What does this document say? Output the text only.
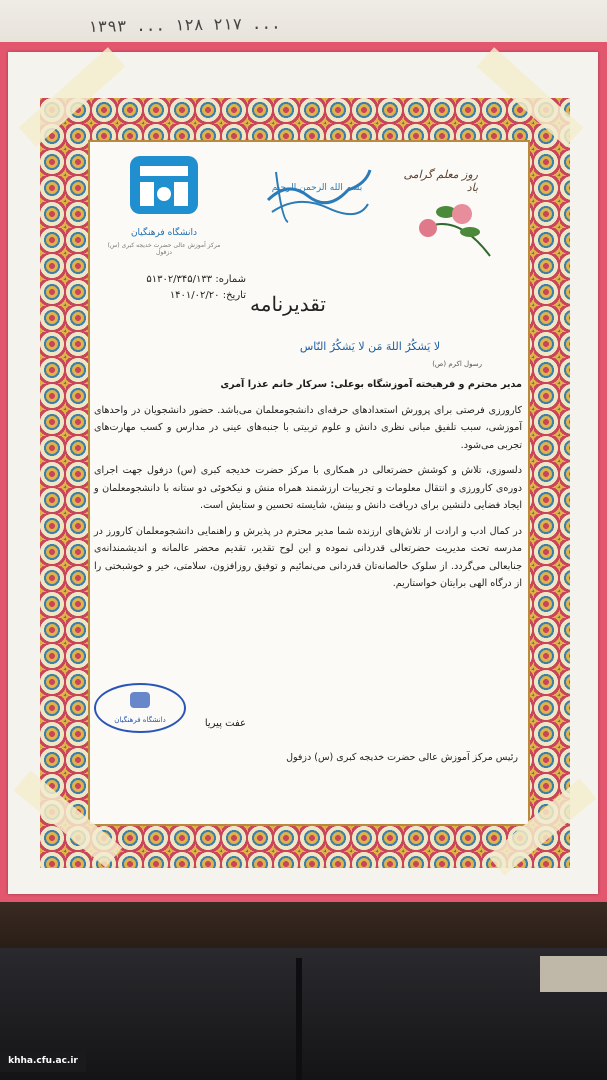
۱۳۹۳ ... ۱۲۸ ۲۱۷ ...
دانشگاه فرهنگیان
مرکز آموزش عالی حضرت خدیجه کبری (س) دزفول
بسم الله الرحمن الرحیم
روز معلم گرامی باد
شماره: ۵۱۳۰۲/۳۴۵/۱۳۳
تاریخ: ۱۴۰۱/۰۲/۲۰	تقدیرنامه
لا یَشکُرُ اللهَ مَن لا یَشکُرُ النّاس
رسول اکرم (ص)

مدیر محترم و فرهیخته آموزشگاه بوعلی: سرکار خانم عذرا آمری

کارورزی فرصتی برای پرورش استعدادهای حرفه‌ای دانشجومعلمان می‌باشد. حضور دانشجویان در واحدهای آموزشی، سبب تلفیق مبانی نظری دانش و علوم تربیتی با جنبه‌های عینی در مدارس و کسب مهارت‌های تجربی می‌شود.

دلسوزی، تلاش و کوشش حضرتعالی در همکاری با مرکز حضرت خدیجه کبری (س) دزفول جهت اجرای دوره‌ی کارورزی و انتقال معلومات و تجربیات ارزشمند همراه منش و نیکخوئی دو ستانه با دانشجومعلمان و ایجاد فضایی دلنشین برای دریافت دانش و بینش، شایسته تحسین و ستایش است.

در کمال ادب و ارادت از تلاش‌های ارزنده شما مدیر محترم در پذیرش و راهنمایی دانشجومعلمان کارورز در مدرسه تحت مدیریت حضرتعالی قدردانی نموده و این لوح تقدیر، تقدیم محضر عالمانه و اندیشمندانه‌ی جنابعالی می‌گردد. از سلوک خالصانه‌تان قدردانی می‌نمائیم و توفیق روزافزون، سلامتی، خیر و خوشبختی را از درگاه الهی برایتان خواستاریم.

دانشگاه فرهنگیان	عفت پیریا
رئیس مرکز آموزش عالی حضرت خدیجه کبری (س) دزفول
khha.cfu.ac.ir
